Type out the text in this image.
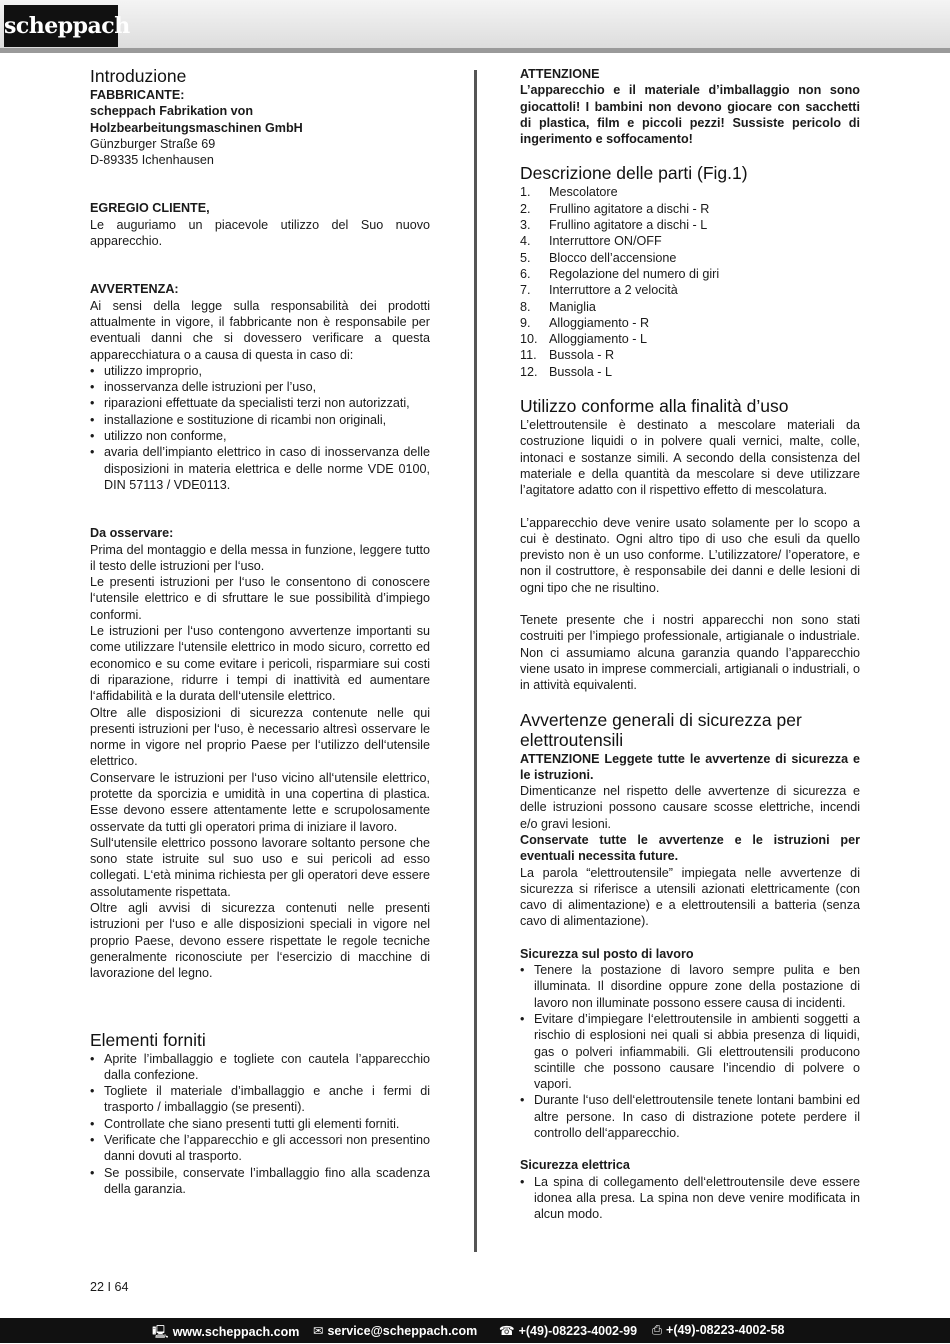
scheppach
Introduzione
FABBRICANTE:
scheppach Fabrikation von
Holzbearbeitungsmaschinen GmbH
Günzburger Straße 69
D-89335 Ichenhausen
EGREGIO CLIENTE,

Le auguriamo un piacevole utilizzo del Suo nuovo apparecchio.

AVVERTENZA:

Ai sensi della legge sulla responsabilità dei prodotti attualmente in vigore, il fabbricante non è responsabile per eventuali danni che si dovessero verificare a questa apparecchiatura o a causa di questa in caso di:

• utilizzo improprio,
• inosservanza delle istruzioni per l’uso,
• riparazioni effettuate da specialisti terzi non autorizzati,
• installazione e sostituzione di ricambi non originali,
• utilizzo non conforme,
• avaria dell’impianto elettrico in caso di inosservanza delle disposizioni in materia elettrica e delle norme VDE 0100, DIN 57113 / VDE0113.
Da osservare:

Prima del montaggio e della messa in funzione, leggere tutto il testo delle istruzioni per l‘uso.

Le presenti istruzioni per l‘uso le consentono di conoscere l‘utensile elettrico e di sfruttare le sue possibilità d’impiego conformi.

Le istruzioni per l‘uso contengono avvertenze importanti su come utilizzare l‘utensile elettrico in modo sicuro, corretto ed economico e su come evitare i pericoli, risparmiare sui costi di riparazione, ridurre i tempi di inattività ed aumentare l‘affidabilità e la durata dell‘utensile elettrico.

Oltre alle disposizioni di sicurezza contenute nelle qui presenti istruzioni per l‘uso, è necessario altresì osservare le norme in vigore nel proprio Paese per l‘utilizzo dell‘utensile elettrico.

Conservare le istruzioni per l‘uso vicino all‘utensile elettrico, protette da sporcizia e umidità in una copertina di plastica. Esse devono essere attentamente lette e scrupolosamente osservate da tutti gli operatori prima di iniziare il lavoro.

Sull‘utensile elettrico possono lavorare soltanto persone che sono state istruite sul suo uso e sui pericoli ad esso collegati. L‘età minima richiesta per gli operatori deve essere assolutamente rispettata.

Oltre agli avvisi di sicurezza contenuti nelle presenti istruzioni per l‘uso e alle disposizioni speciali in vigore nel proprio Paese, devono essere rispettate le regole tecniche generalmente riconosciute per l‘esercizio di macchine di lavorazione del legno.

Elementi forniti
• Aprite l’imballaggio e togliete con cautela l’apparecchio dalla confezione.
• Togliete il materiale d’imballaggio e anche i fermi di trasporto / imballaggio (se presenti).
• Controllate che siano presenti tutti gli elementi forniti.
• Verificate che l’apparecchio e gli accessori non presentino danni dovuti al trasporto.
• Se possibile, conservate l’imballaggio fino alla scadenza della garanzia.
ATTENZIONE

L’apparecchio e il materiale d’imballaggio non sono giocattoli! I bambini non devono giocare con sacchetti di plastica, film e piccoli pezzi! Sussiste pericolo di ingerimento e soffocamento!

Descrizione delle parti (Fig.1)
1.	Mescolatore
2.	Frullino agitatore a dischi - R
3.	Frullino agitatore a dischi - L
4.	Interruttore ON/OFF
5.	Blocco dell’accensione
6.	Regolazione del numero di giri
7.	Interruttore a 2 velocità
8.	Maniglia
9.	Alloggiamento - R
10. Alloggiamento - L
11. Bussola - R
12. Bussola - L
Utilizzo conforme alla finalità d’uso

L’elettroutensile è destinato a mescolare materiali da costruzione liquidi o in polvere quali vernici, malte, colle, intonaci e sostanze simili. A secondo della consistenza del materiale e della quantità da mescolare si deve utilizzare l’agitatore adatto con il rispettivo effetto di mescolatura.

L’apparecchio deve venire usato solamente per lo scopo a cui è destinato. Ogni altro tipo di uso che esuli da quello previsto non è un uso conforme. L’utilizzatore/ l’operatore, e non il costruttore, è responsabile dei danni e delle lesioni di ogni tipo che ne risultino.

Tenete presente che i nostri apparecchi non sono stati costruiti per l’impiego professionale, artigianale o industriale. Non ci assumiamo alcuna garanzia quando l’apparecchio viene usato in imprese commerciali, artigianali o industriali, o in attività equivalenti.

Avvertenze generali di sicurezza per elettroutensili

ATTENZIONE Leggete tutte le avvertenze di sicurezza e le istruzioni.

Dimenticanze nel rispetto delle avvertenze di sicurezza e delle istruzioni possono causare scosse elettriche, incendi e/o gravi lesioni.

Conservate tutte le avvertenze e le istruzioni per eventuali necessita future.

La parola “elettroutensile” impiegata nelle avvertenze di sicurezza si riferisce a utensili azionati elettricamente (con cavo di alimentazione) e a elettroutensili a batteria (senza cavo di alimentazione).

Sicurezza sul posto di lavoro
• Tenere la postazione di lavoro sempre pulita e ben illuminata. Il disordine oppure zone della postazione di lavoro non illuminate possono essere causa di incidenti.
• Evitare d’impiegare l‘elettroutensile in ambienti soggetti a rischio di esplosioni nei quali si abbia presenza di liquidi, gas o polveri infiammabili. Gli elettroutensili producono scintille che possono causare l’incendio di polvere o vapori.
• Durante l‘uso dell‘elettroutensile tenete lontani bambini ed altre persone. In caso di distrazione potete perdere il controllo dell‘apparecchio.
Sicurezza elettrica
• La spina di collegamento dell‘elettroutensile deve essere idonea alla presa. La spina non deve venire modificata in alcun modo.
22 I 64
🖳 www.scheppach.com ✉ service@scheppach.com ☎ +(49)-08223-4002-99 ⎙ +(49)-08223-4002-58
